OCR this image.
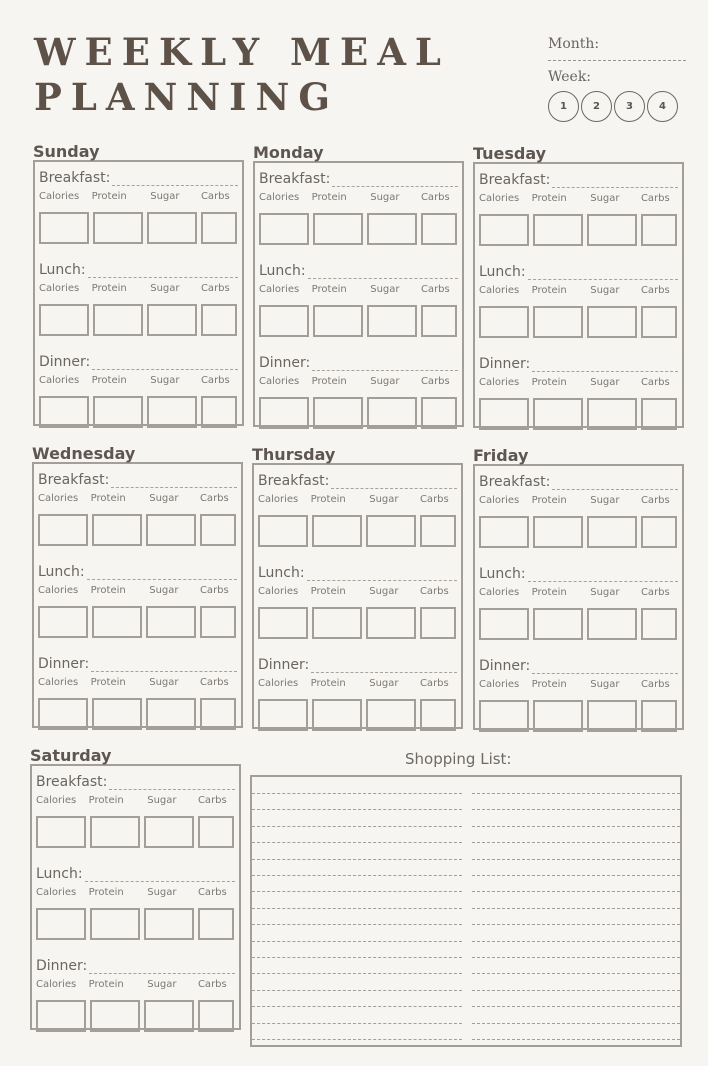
WEEKLY MEAL
PLANNING
Month:
Week:
1	2	3	4
Sunday
Breakfast:
Calories	Protein	Sugar	Carbs
Lunch:
Calories	Protein	Sugar	Carbs
Dinner:
Calories	Protein	Sugar	Carbs
Monday
Breakfast:
Calories	Protein	Sugar	Carbs
Lunch:
Calories	Protein	Sugar	Carbs
Dinner:
Calories	Protein	Sugar	Carbs
Tuesday
Breakfast:
Calories	Protein	Sugar	Carbs
Lunch:
Calories	Protein	Sugar	Carbs
Dinner:
Calories	Protein	Sugar	Carbs
Wednesday
Breakfast:
Calories	Protein	Sugar	Carbs
Lunch:
Calories	Protein	Sugar	Carbs
Dinner:
Calories	Protein	Sugar	Carbs
Thursday
Breakfast:
Calories	Protein	Sugar	Carbs
Lunch:
Calories	Protein	Sugar	Carbs
Dinner:
Calories	Protein	Sugar	Carbs
Friday
Breakfast:
Calories	Protein	Sugar	Carbs
Lunch:
Calories	Protein	Sugar	Carbs
Dinner:
Calories	Protein	Sugar	Carbs
Saturday
Breakfast:
Calories	Protein	Sugar	Carbs
Lunch:
Calories	Protein	Sugar	Carbs
Dinner:
Calories	Protein	Sugar	Carbs
Shopping List:
